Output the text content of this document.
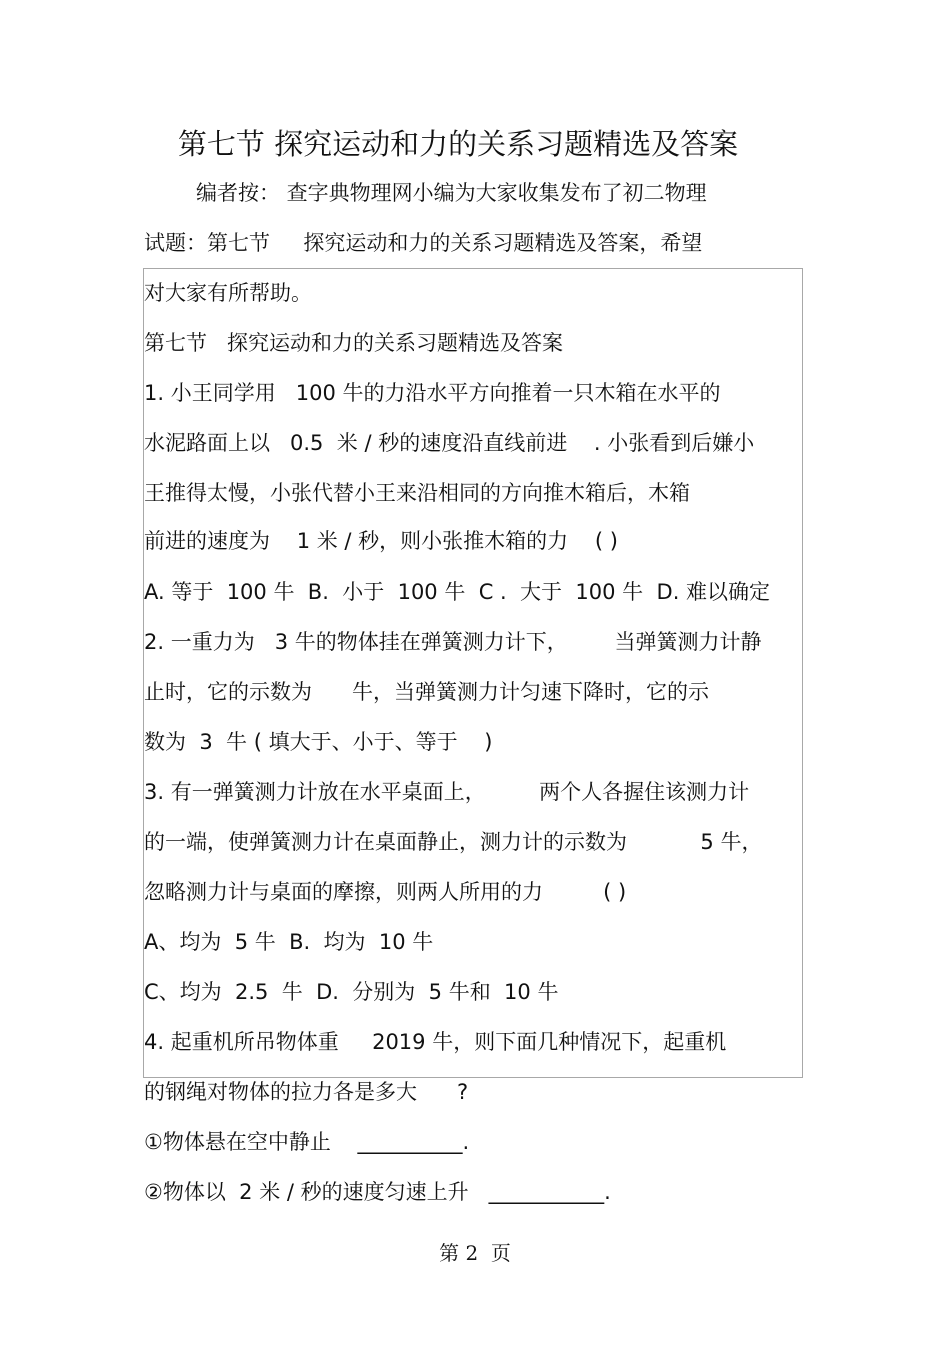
第七节 探究运动和力的关系习题精选及答案
编者按： 查字典物理网小编为大家收集发布了初二物理
试题：第七节     探究运动和力的关系习题精选及答案，希望
对大家有所帮助。
第七节   探究运动和力的关系习题精选及答案
1. 小王同学用   100 牛的力沿水平方向推着一只木箱在水平的
水泥路面上以   0.5  米 / 秒的速度沿直线前进    . 小张看到后嫌小
王推得太慢，小张代替小王来沿相同的方向推木箱后，木箱
前进的速度为    1 米 / 秒，则小张推木箱的力    ( )
A. 等于  100 牛  B.  小于  100 牛  C .  大于  100 牛  D. 难以确定
2. 一重力为   3 牛的物体挂在弹簧测力计下，       当弹簧测力计静
止时，它的示数为      牛，当弹簧测力计匀速下降时，它的示
数为  3  牛 ( 填大于、小于、等于    )
3. 有一弹簧测力计放在水平桌面上，        两个人各握住该测力计
的一端，使弹簧测力计在桌面静止，测力计的示数为           5 牛，
忽略测力计与桌面的摩擦，则两人所用的力         ( )
A、均为  5 牛  B.  均为  10 牛
C、均为  2.5  牛  D.  分别为  5 牛和  10 牛
4. 起重机所吊物体重     2019 牛，则下面几种情况下，起重机
的钢绳对物体的拉力各是多大      ?
①物体悬在空中静止    __________.
②物体以  2 米 / 秒的速度匀速上升   ___________.
第 2  页
